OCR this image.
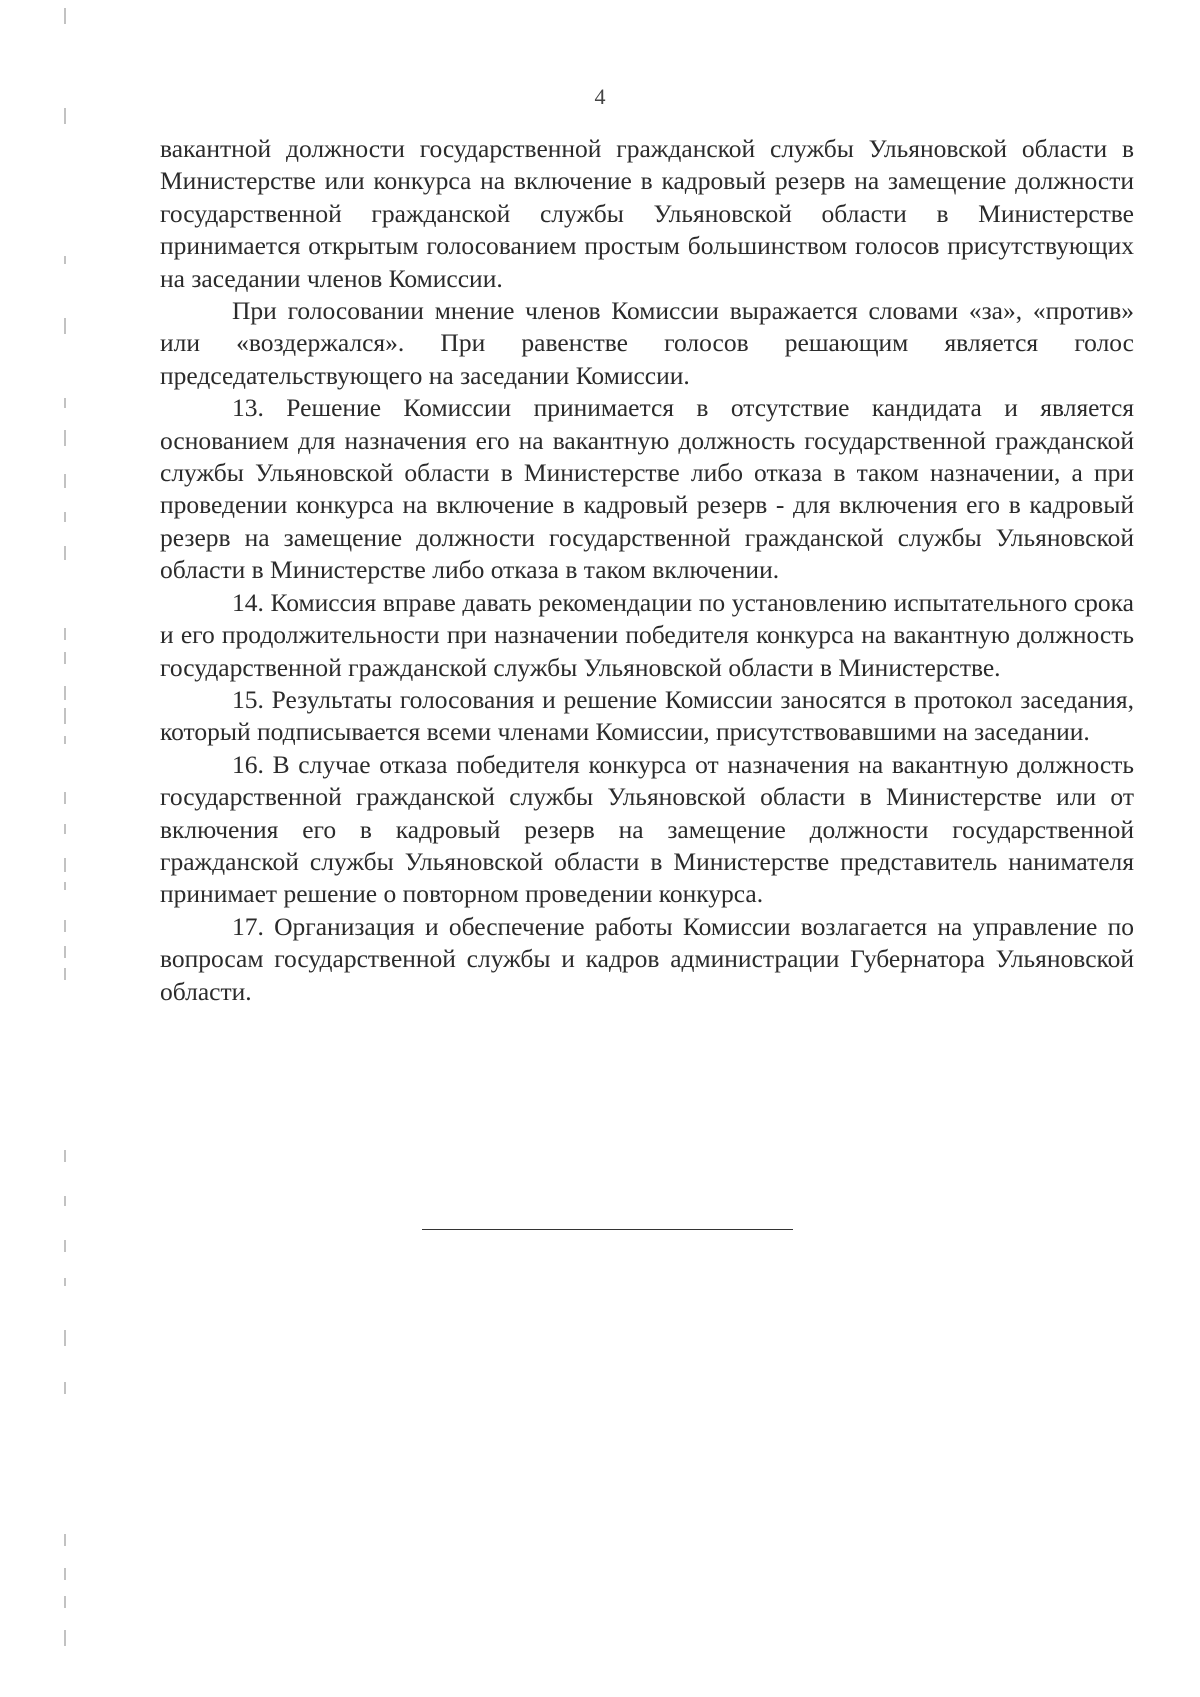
4

вакантной должности государственной гражданской службы Ульяновской области в Министерстве или конкурса на включение в кадровый резерв на замещение должности государственной гражданской службы Ульяновской области в Министерстве принимается открытым голосованием простым большинством голосов присутствующих на заседании членов Комиссии.

При голосовании мнение членов Комиссии выражается словами «за», «против» или «воздержался». При равенстве голосов решающим является голос председательствующего на заседании Комиссии.

13. Решение Комиссии принимается в отсутствие кандидата и является основанием для назначения его на вакантную должность государственной гражданской службы Ульяновской области в Министерстве либо отказа в таком назначении, а при проведении конкурса на включение в кадровый резерв - для включения его в кадровый резерв на замещение должности государственной гражданской службы Ульяновской области в Министерстве либо отказа в таком включении.

14. Комиссия вправе давать рекомендации по установлению испытательного срока и его продолжительности при назначении победителя конкурса на вакантную должность государственной гражданской службы Ульяновской области в Министерстве.

15. Результаты голосования и решение Комиссии заносятся в протокол заседания, который подписывается всеми членами Комиссии, присутствовавшими на заседании.

16. В случае отказа победителя конкурса от назначения на вакантную должность государственной гражданской службы Ульяновской области в Министерстве или от включения его в кадровый резерв на замещение должности государственной гражданской службы Ульяновской области в Министерстве представитель нанимателя принимает решение о повторном проведении конкурса.

17. Организация и обеспечение работы Комиссии возлагается на управление по вопросам государственной службы и кадров администрации Губернатора Ульяновской области.
